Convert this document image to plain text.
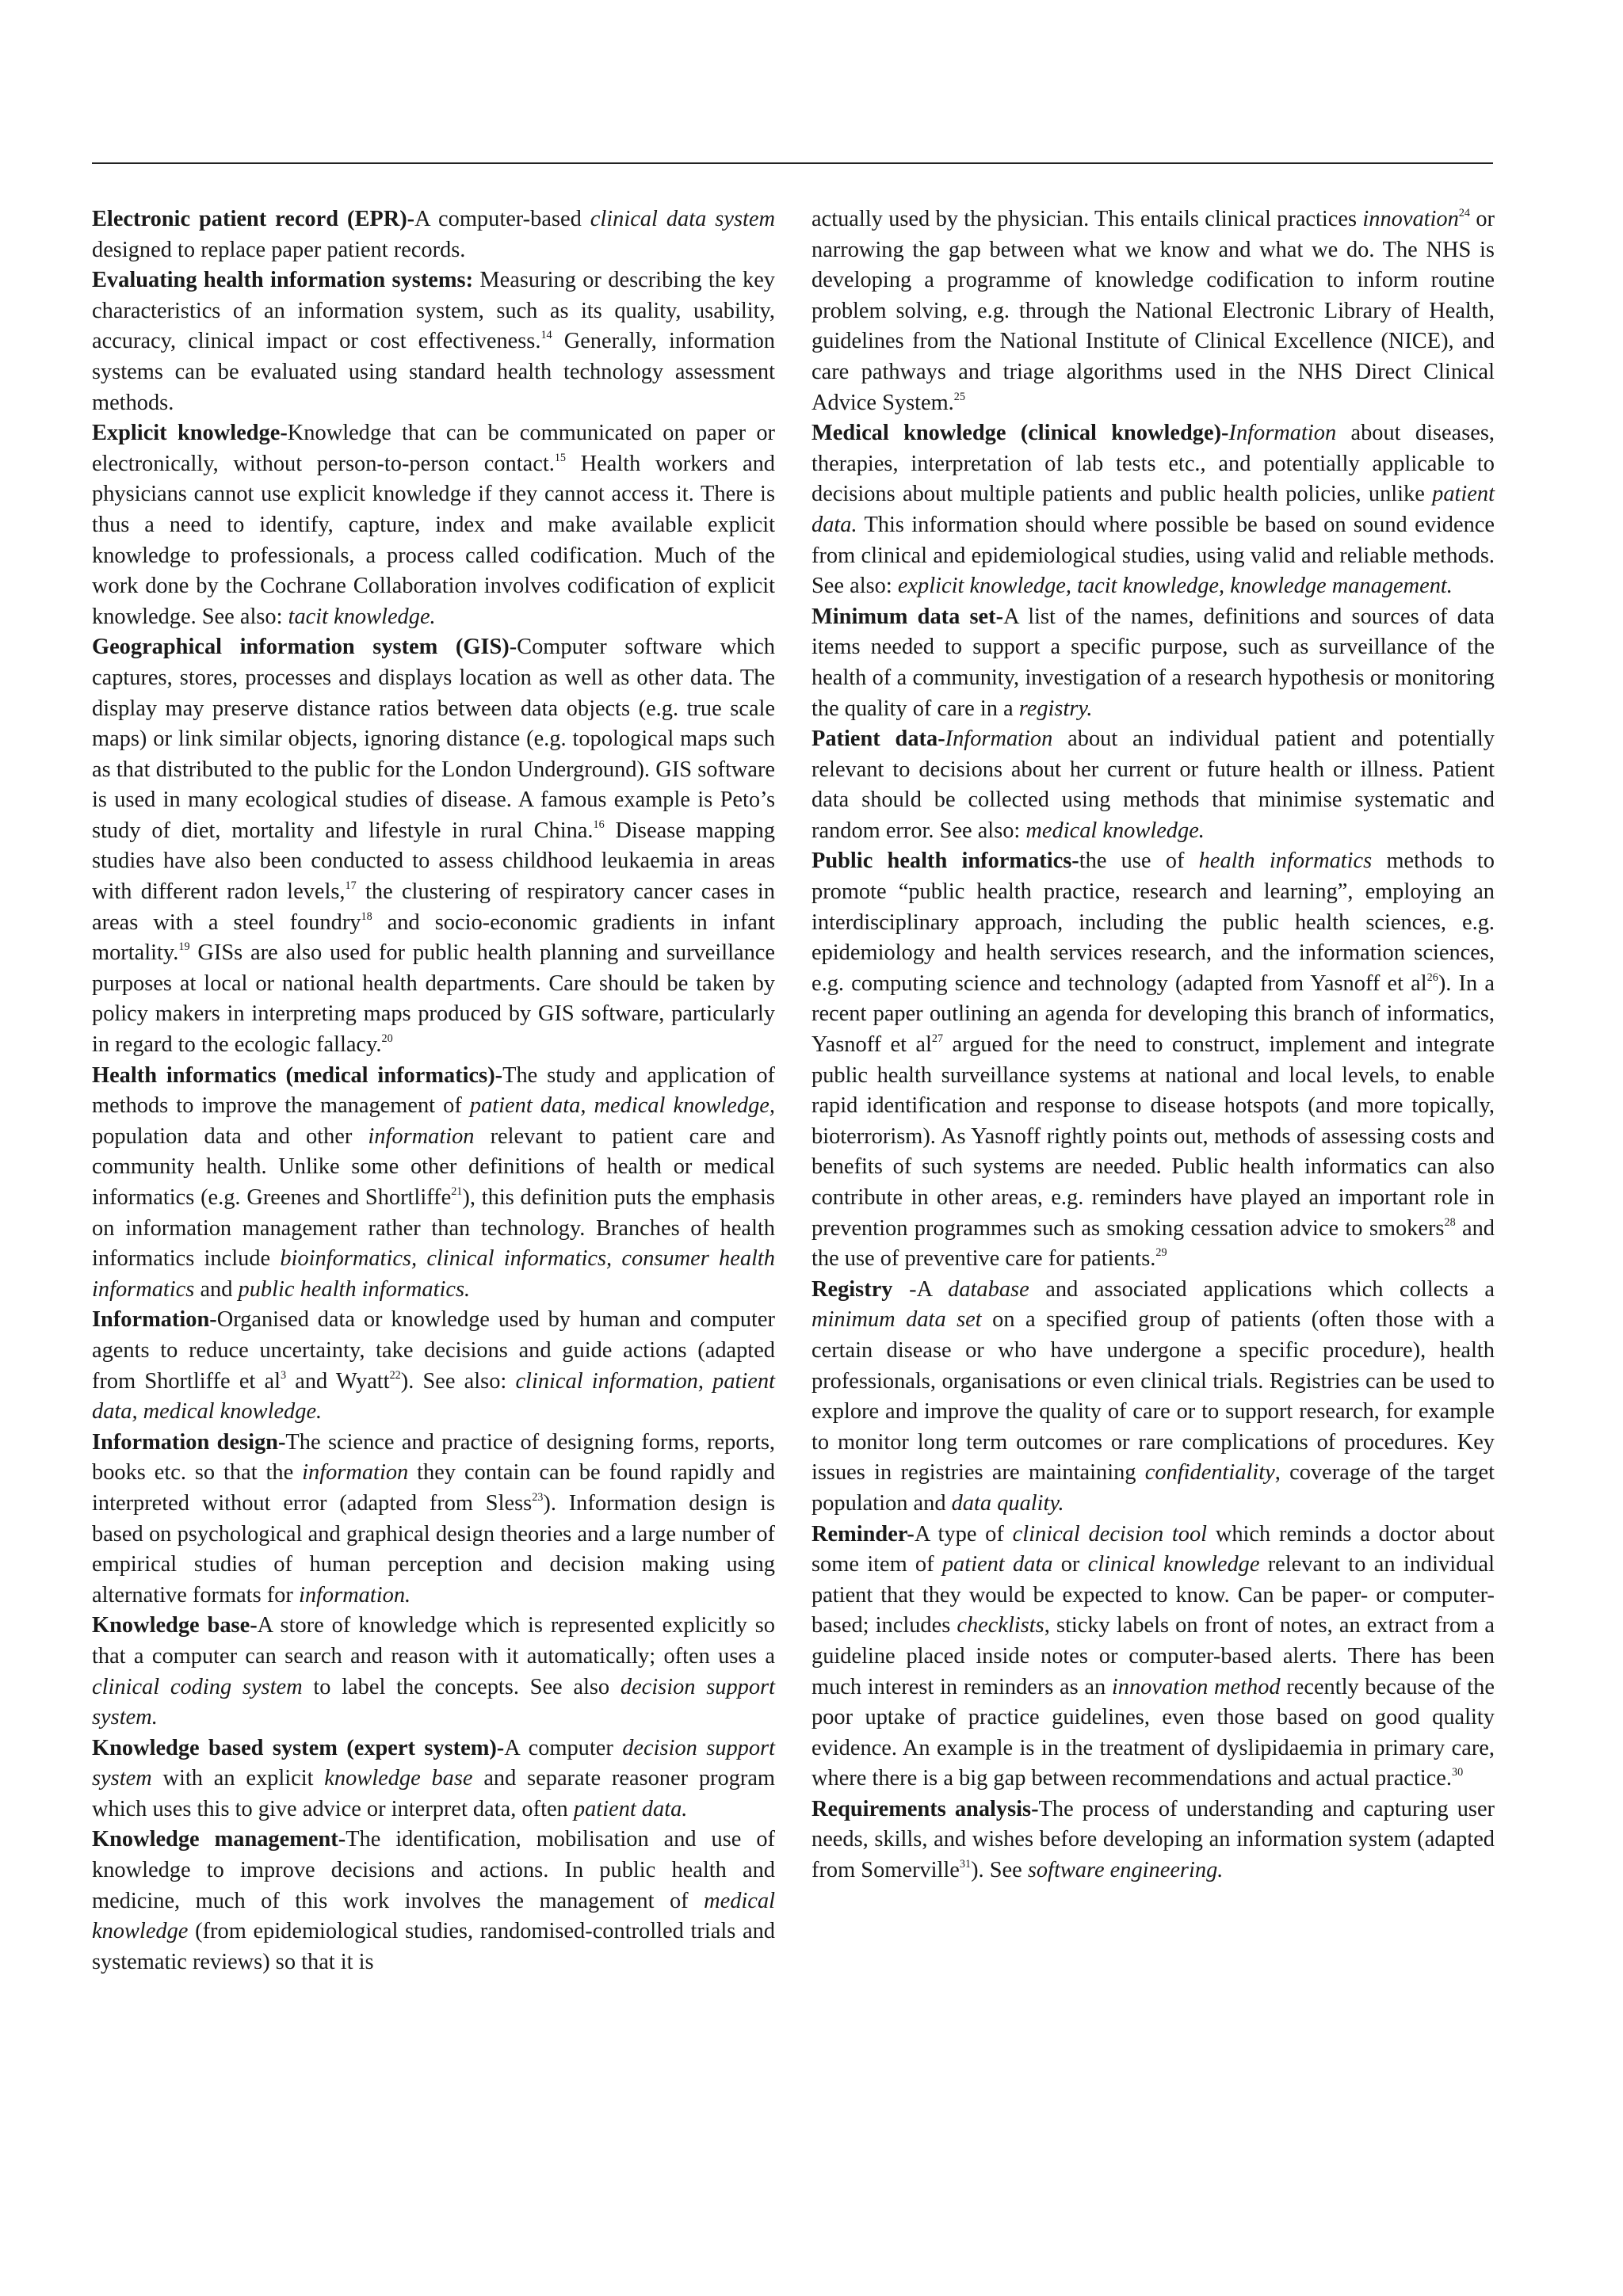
Electronic patient record (EPR)-A computer-based clinical data system designed to replace paper patient records.

Evaluating health information systems: Measuring or describing the key characteristics of an information system, such as its quality, usability, accuracy, clinical impact or cost effectiveness.$^{14}$ Generally, information systems can be evaluated using standard health technology assessment methods.

Explicit knowledge-Knowledge that can be communicated on paper or electronically, without person-to-person contact.$^{15}$ Health workers and physicians cannot use explicit knowledge if they cannot access it. There is thus a need to identify, capture, index and make available explicit knowledge to professionals, a process called codification. Much of the work done by the Cochrane Collaboration involves codification of explicit knowledge. See also: tacit knowledge.

Geographical information system (GIS)-Computer software which captures, stores, processes and displays location as well as other data. The display may preserve distance ratios between data objects (e.g. true scale maps) or link similar objects, ignoring distance (e.g. topological maps such as that distributed to the public for the London Underground). GIS software is used in many ecological studies of disease. A famous example is Peto’s study of diet, mortality and lifestyle in rural China.$^{16}$ Disease mapping studies have also been conducted to assess childhood leukaemia in areas with different radon levels,$^{17}$ the clustering of respiratory cancer cases in areas with a steel foundry$^{18}$ and socio-economic gradients in infant mortality.$^{19}$ GISs are also used for public health planning and surveillance purposes at local or national health departments. Care should be taken by policy makers in interpreting maps produced by GIS software, particularly in regard to the ecologic fallacy.$^{20}$

Health informatics (medical informatics)-The study and application of methods to improve the management of patient data, medical knowledge, population data and other information relevant to patient care and community health. Unlike some other definitions of health or medical informatics (e.g. Greenes and Shortliffe$^{21}$), this definition puts the emphasis on information management rather than technology. Branches of health informatics include bioinformatics, clinical informatics, consumer health informatics and public health informatics.

Information-Organised data or knowledge used by human and computer agents to reduce uncertainty, take decisions and guide actions (adapted from Shortliffe et $al^3$ and Wyatt$^{22}$). See also: clinical information, patient data, medical knowledge.

Information design-The science and practice of designing forms, reports, books etc. so that the information they contain can be found rapidly and interpreted without error (adapted from Sless$^{23}$). Information design is based on psychological and graphical design theories and a large number of empirical studies of human perception and decision making using alternative formats for information.

Knowledge base-A store of knowledge which is represented explicitly so that a computer can search and reason with it automatically; often uses a clinical coding system to label the concepts. See also decision support system.

Knowledge based system (expert system)-A computer decision support system with an explicit knowledge base and separate reasoner program which uses this to give advice or interpret data, often patient data.

Knowledge management-The identification, mobilisation and use of knowledge to improve decisions and actions. In public health and medicine, much of this work involves the management of medical knowledge (from epidemiological studies, randomised-controlled trials and systematic reviews) so that it is

actually used by the physician. This entails clinical practices innovation$^{24}$ or narrowing the gap between what we know and what we do. The NHS is developing a programme of knowledge codification to inform routine problem solving, e.g. through the National Electronic Library of Health, guidelines from the National Institute of Clinical Excellence (NICE), and care pathways and triage algorithms used in the NHS Direct Clinical Advice System.$^{25}$

Medical knowledge (clinical knowledge)-Information about diseases, therapies, interpretation of lab tests etc., and potentially applicable to decisions about multiple patients and public health policies, unlike patient data. This information should where possible be based on sound evidence from clinical and epidemiological studies, using valid and reliable methods. See also: explicit knowledge, tacit knowledge, knowledge management.

Minimum data set-A list of the names, definitions and sources of data items needed to support a specific purpose, such as surveillance of the health of a community, investigation of a research hypothesis or monitoring the quality of care in a registry.

Patient data-Information about an individual patient and potentially relevant to decisions about her current or future health or illness. Patient data should be collected using methods that minimise systematic and random error. See also: medical knowledge.

Public health informatics-the use of health informatics methods to promote “public health practice, research and learning”, employing an interdisciplinary approach, including the public health sciences, e.g. epidemiology and health services research, and the information sciences, e.g. computing science and technology (adapted from Yasnoff et $al^{26}$). In a recent paper outlining an agenda for developing this branch of informatics, Yasnoff et $al^{27}$ argued for the need to construct, implement and integrate public health surveillance systems at national and local levels, to enable rapid identification and response to disease hotspots (and more topically, bioterrorism). As Yasnoff rightly points out, methods of assessing costs and benefits of such systems are needed. Public health informatics can also contribute in other areas, e.g. reminders have played an important role in prevention programmes such as smoking cessation advice to smokers$^{28}$ and the use of preventive care for patients.$^{29}$

Registry -A database and associated applications which collects a minimum data set on a specified group of patients (often those with a certain disease or who have undergone a specific procedure), health professionals, organisations or even clinical trials. Registries can be used to explore and improve the quality of care or to support research, for example to monitor long term outcomes or rare complications of procedures. Key issues in registries are maintaining confidentiality, coverage of the target population and data quality.

Reminder-A type of clinical decision tool which reminds a doctor about some item of patient data or clinical knowledge relevant to an individual patient that they would be expected to know. Can be paper- or computer-based; includes checklists, sticky labels on front of notes, an extract from a guideline placed inside notes or computer-based alerts. There has been much interest in reminders as an innovation method recently because of the poor uptake of practice guidelines, even those based on good quality evidence. An example is in the treatment of dyslipidaemia in primary care, where there is a big gap between recommendations and actual practice.$^{30}$

Requirements analysis-The process of understanding and capturing user needs, skills, and wishes before developing an information system (adapted from Somerville$^{31}$). See software engineering.
